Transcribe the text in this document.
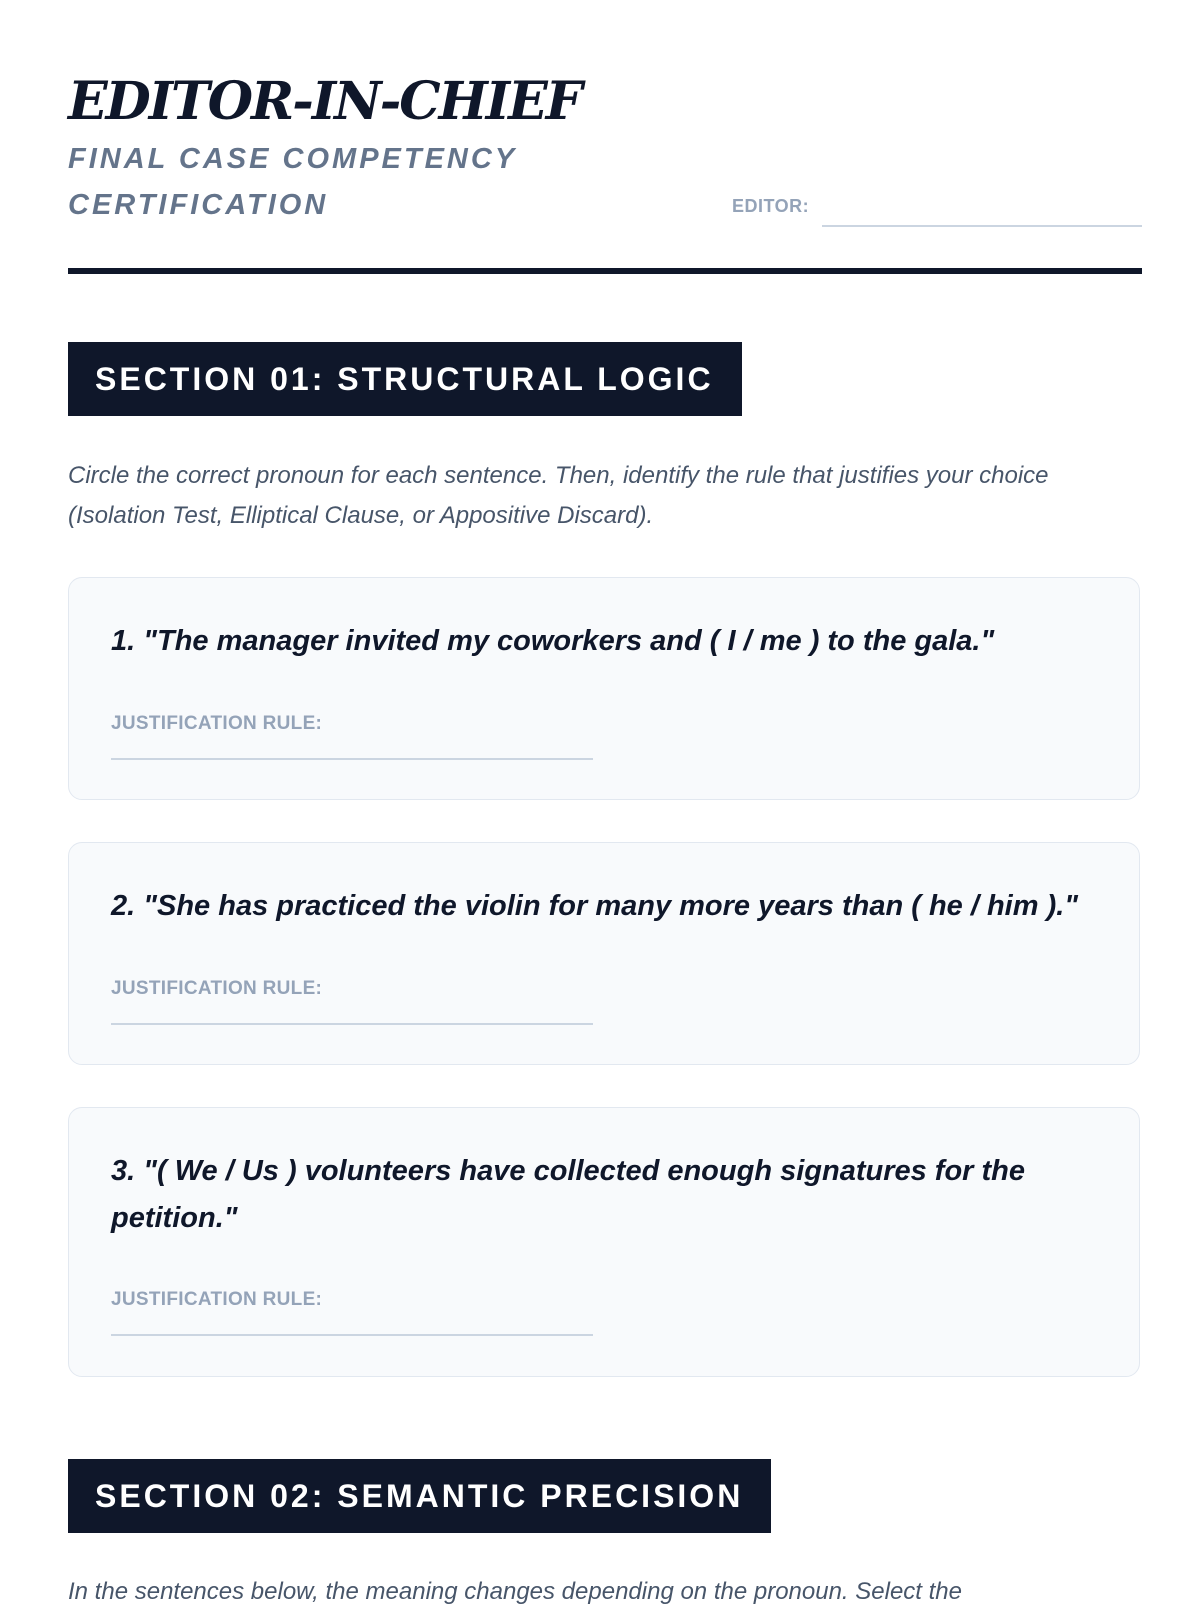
EDITOR-IN-CHIEF

FINAL CASE COMPETENCY CERTIFICATION	EDITOR:
SECTION 01: STRUCTURAL LOGIC

Circle the correct pronoun for each sentence. Then, identify the rule that justifies your choice (Isolation Test, Elliptical Clause, or Appositive Discard).

1. "The manager invited my coworkers and ( I / me ) to the gala."

JUSTIFICATION RULE:

2. "She has practiced the violin for many more years than ( he / him )."

JUSTIFICATION RULE:

3. "( We / Us ) volunteers have collected enough signatures for the petition."

JUSTIFICATION RULE:
SECTION 02: SEMANTIC PRECISION

In the sentences below, the meaning changes depending on the pronoun. Select the
